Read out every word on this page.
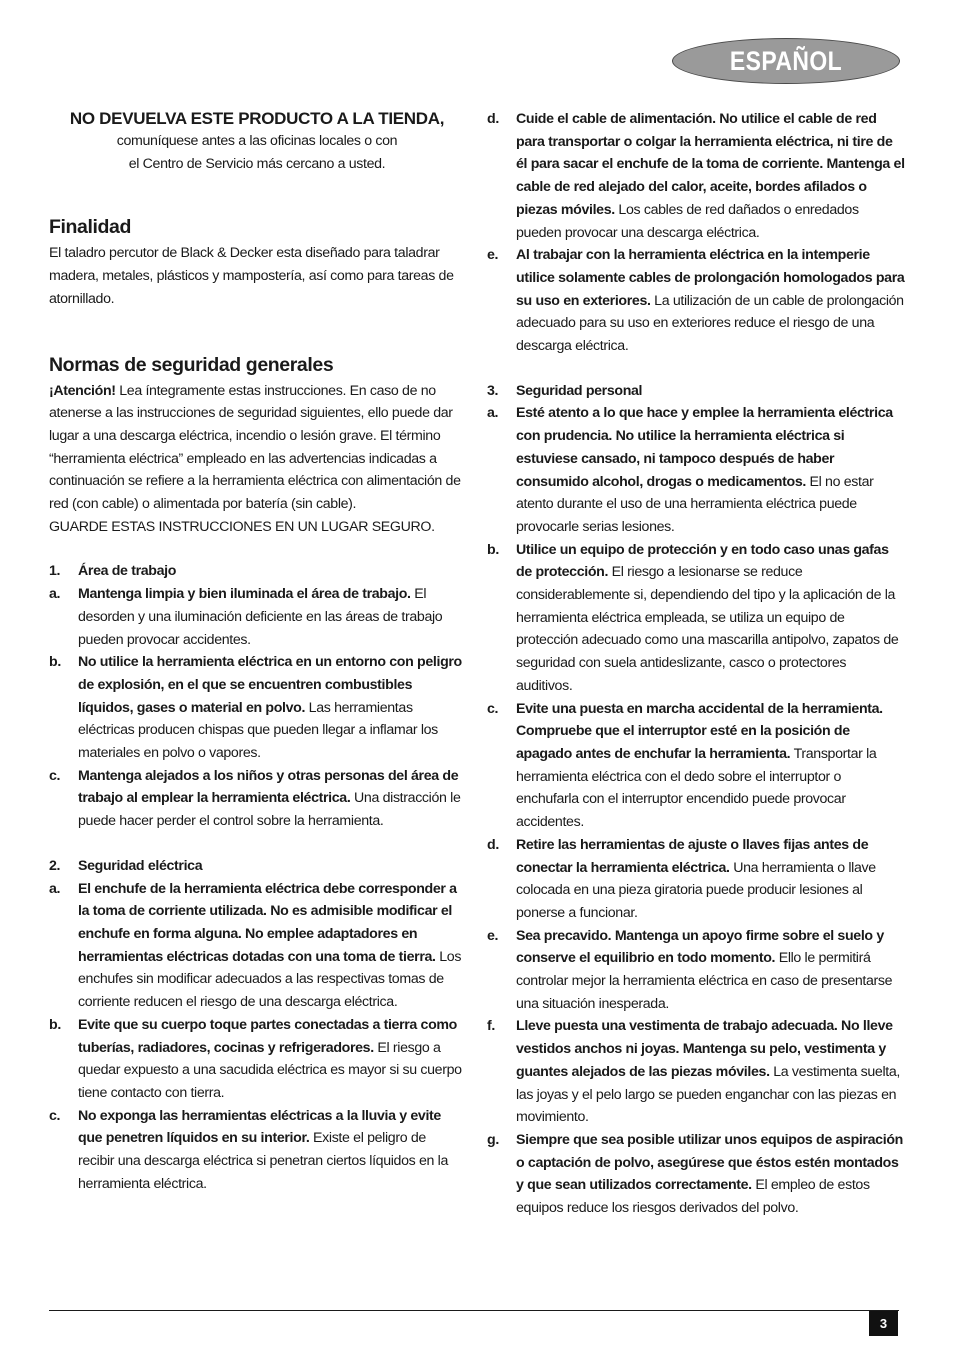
ESPAÑOL
NO DEVUELVA ESTE PRODUCTO A LA TIENDA,
comuníquese antes a las oficinas locales o con
el Centro de Servicio más cercano a usted.
Finalidad

El taladro percutor de Black & Decker esta diseñado para taladrar madera, metales, plásticos y mampostería, así como para tareas de atornillado.

Normas de seguridad generales

¡Atención! Lea íntegramente estas instrucciones. En caso de no atenerse a las instrucciones de seguridad siguientes, ello puede dar lugar a una descarga eléctrica, incendio o lesión grave. El término “herramienta eléctrica” empleado en las advertencias indicadas a continuación se refiere a la herramienta eléctrica con alimentación de red (con cable) o alimentada por batería (sin cable).

GUARDE ESTAS INSTRUCCIONES EN UN LUGAR SEGURO.

1.	Área de trabajo
a.	Mantenga limpia y bien iluminada el área de trabajo. El desorden y una iluminación deficiente en las áreas de trabajo pueden provocar accidentes.
b.	No utilice la herramienta eléctrica en un entorno con peligro de explosión, en el que se encuentren combustibles líquidos, gases o material en polvo. Las herramientas eléctricas producen chispas que pueden llegar a inflamar los materiales en polvo o vapores.
c.	Mantenga alejados a los niños y otras personas del área de trabajo al emplear la herramienta eléctrica. Una distracción le puede hacer perder el control sobre la herramienta.
2.	Seguridad eléctrica
a.	El enchufe de la herramienta eléctrica debe corresponder a la toma de corriente utilizada. No es admisible modificar el enchufe en forma alguna. No emplee adaptadores en herramientas eléctricas dotadas con una toma de tierra. Los enchufes sin modificar adecuados a las respectivas tomas de corriente reducen el riesgo de una descarga eléctrica.
b.	Evite que su cuerpo toque partes conectadas a tierra como tuberías, radiadores, cocinas y refrigeradores. El riesgo a quedar expuesto a una sacudida eléctrica es mayor si su cuerpo tiene contacto con tierra.
c.	No exponga las herramientas eléctricas a la lluvia y evite que penetren líquidos en su interior. Existe el peligro de recibir una descarga eléctrica si penetran ciertos líquidos en la herramienta eléctrica.
d.	Cuide el cable de alimentación. No utilice el cable de red para transportar o colgar la herramienta eléctrica, ni tire de él para sacar el enchufe de la toma de corriente. Mantenga el cable de red alejado del calor, aceite, bordes afilados o piezas móviles. Los cables de red dañados o enredados pueden provocar una descarga eléctrica.
e.	Al trabajar con la herramienta eléctrica en la intemperie utilice solamente cables de prolongación homologados para su uso en exteriores. La utilización de un cable de prolongación adecuado para su uso en exteriores reduce el riesgo de una descarga eléctrica.
3.	Seguridad personal
a.	Esté atento a lo que hace y emplee la herramienta eléctrica con prudencia. No utilice la herramienta eléctrica si estuviese cansado, ni tampoco después de haber consumido alcohol, drogas o medicamentos. El no estar atento durante el uso de una herramienta eléctrica puede provocarle serias lesiones.
b.	Utilice un equipo de protección y en todo caso unas gafas de protección. El riesgo a lesionarse se reduce considerablemente si, dependiendo del tipo y la aplicación de la herramienta eléctrica empleada, se utiliza un equipo de protección adecuado como una mascarilla antipolvo, zapatos de seguridad con suela antideslizante, casco o protectores auditivos.
c.	Evite una puesta en marcha accidental de la herramienta. Compruebe que el interruptor esté en la posición de apagado antes de enchufar la herramienta. Transportar la herramienta eléctrica con el dedo sobre el interruptor o enchufarla con el interruptor encendido puede provocar accidentes.
d.	Retire las herramientas de ajuste o llaves fijas antes de conectar la herramienta eléctrica. Una herramienta o llave colocada en una pieza giratoria puede producir lesiones al ponerse a funcionar.
e.	Sea precavido. Mantenga un apoyo firme sobre el suelo y conserve el equilibrio en todo momento. Ello le permitirá controlar mejor la herramienta eléctrica en caso de presentarse una situación inesperada.
f.	Lleve puesta una vestimenta de trabajo adecuada. No lleve vestidos anchos ni joyas. Mantenga su pelo, vestimenta y guantes alejados de las piezas móviles. La vestimenta suelta, las joyas y el pelo largo se pueden enganchar con las piezas en movimiento.
g.	Siempre que sea posible utilizar unos equipos de aspiración o captación de polvo, asegúrese que éstos estén montados y que sean utilizados correctamente. El empleo de estos equipos reduce los riesgos derivados del polvo.
3
